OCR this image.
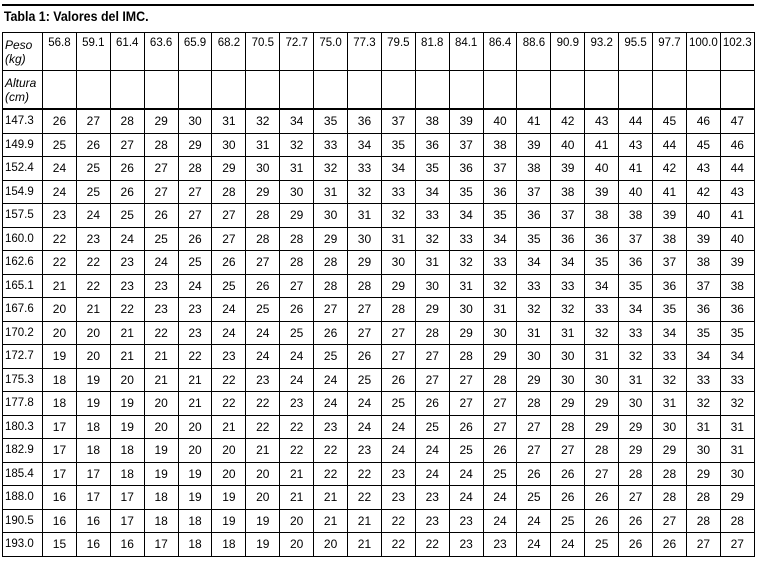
Tabla 1: Valores del IMC.
Peso
(kg)	56.8	59.1	61.4	63.6	65.9	68.2	70.5	72.7	75.0	77.3	79.5	81.8	84.1	86.4	88.6	90.9	93.2	95.5	97.7	100.0	102.3
Altura
(cm)																					
147.3	26	27	28	29	30	31	32	34	35	36	37	38	39	40	41	42	43	44	45	46	47
149.9	25	26	27	28	29	30	31	32	33	34	35	36	37	38	39	40	41	43	44	45	46
152.4	24	25	26	27	28	29	30	31	32	33	34	35	36	37	38	39	40	41	42	43	44
154.9	24	25	26	27	27	28	29	30	31	32	33	34	35	36	37	38	39	40	41	42	43
157.5	23	24	25	26	27	27	28	29	30	31	32	33	34	35	36	37	38	38	39	40	41
160.0	22	23	24	25	26	27	28	28	29	30	31	32	33	34	35	36	36	37	38	39	40
162.6	22	22	23	24	25	26	27	28	28	29	30	31	32	33	34	34	35	36	37	38	39
165.1	21	22	23	23	24	25	26	27	28	28	29	30	31	32	33	33	34	35	36	37	38
167.6	20	21	22	23	23	24	25	26	27	27	28	29	30	31	32	32	33	34	35	36	36
170.2	20	20	21	22	23	24	24	25	26	27	27	28	29	30	31	31	32	33	34	35	35
172.7	19	20	21	21	22	23	24	24	25	26	27	27	28	29	30	30	31	32	33	34	34
175.3	18	19	20	21	21	22	23	24	24	25	26	27	27	28	29	30	30	31	32	33	33
177.8	18	19	19	20	21	22	22	23	24	24	25	26	27	27	28	29	29	30	31	32	32
180.3	17	18	19	20	20	21	22	22	23	24	24	25	26	27	27	28	29	29	30	31	31
182.9	17	18	18	19	20	20	21	22	22	23	24	24	25	26	27	27	28	29	29	30	31
185.4	17	17	18	19	19	20	20	21	22	22	23	24	24	25	26	26	27	28	28	29	30
188.0	16	17	17	18	19	19	20	21	21	22	23	23	24	24	25	26	26	27	28	28	29
190.5	16	16	17	18	18	19	19	20	21	21	22	23	23	24	24	25	26	26	27	28	28
193.0	15	16	16	17	18	18	19	20	20	21	22	22	23	23	24	24	25	26	26	27	27
